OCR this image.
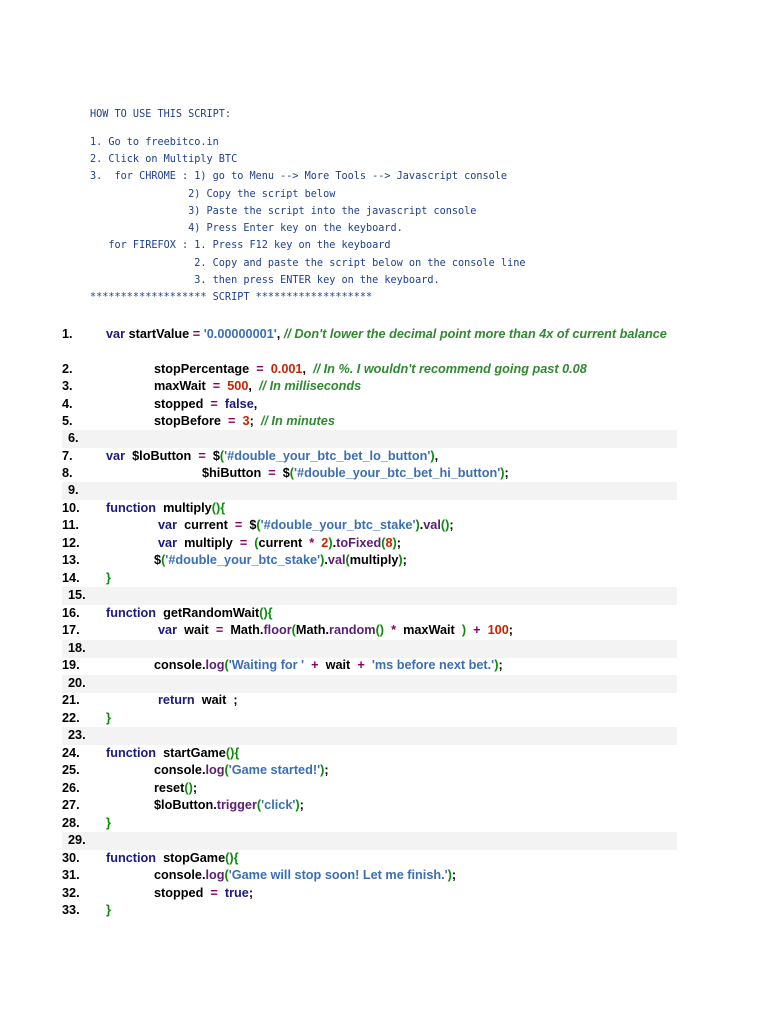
HOW TO USE THIS SCRIPT:
1. Go to freebitco.in
2. Click on Multiply BTC
3.  for CHROME : 1) go to Menu --> More Tools --> Javascript console
2) Copy the script below
3) Paste the script into the javascript console
4) Press Enter key on the keyboard.
for FIREFOX : 1. Press F12 key on the keyboard
2. Copy and paste the script below on the console line
3. then press ENTER key on the keyboard.
******************* SCRIPT *******************
1.	var startValue = '0.00000001', // Don't lower the decimal point more than 4x of current balance
2.	stopPercentage  = 0.001,  // In %. I wouldn't recommend going past 0.08
3.	maxWait  = 500,  // In milliseconds
4.	stopped  = false,
5.	stopBefore  = 3;  // In minutes
6.
7.	var  $loButton  =  $('#double_your_btc_bet_lo_button'),
8.	$hiButton  =  $('#double_your_btc_bet_hi_button');
9.
10. function  multiply(){
11.	var  current  =  $('#double_your_btc_stake').val();
12.	var  multiply  = (current  * 2).toFixed(8);
13.	$('#double_your_btc_stake').val(multiply);
14. }
15.
16. function  getRandomWait(){
17.	var  wait  =  Math.floor(Math.random() *  maxWait  ) + 100;
18.
19.	console.log('Waiting for ' +  wait  + 'ms before next bet.');
20.
21.	return  wait  ;
22. }
23.
24. function  startGame(){
25.	console.log('Game started!');
26.	reset();
27.	$loButton.trigger('click');
28. }
29.
30. function  stopGame(){
31.	console.log('Game will stop soon! Let me finish.');
32.	stopped  = true;
33. }
